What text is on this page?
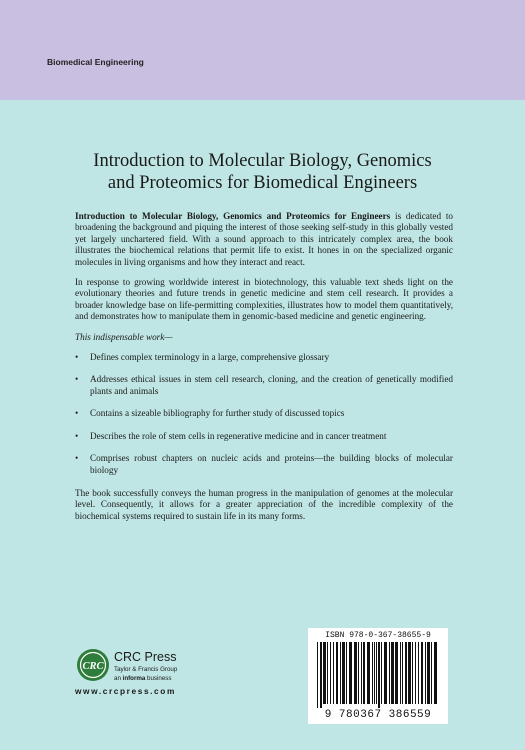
Biomedical Engineering
Introduction to Molecular Biology, Genomics
and Proteomics for Biomedical Engineers

Introduction to Molecular Biology, Genomics and Proteomics for Engineers is dedicated to broadening the background and piquing the interest of those seeking self-study in this globally vested yet largely unchartered field. With a sound approach to this intricately complex area, the book illustrates the biochemical relations that permit life to exist. It hones in on the specialized organic molecules in living organisms and how they interact and react.

In response to growing worldwide interest in biotechnology, this valuable text sheds light on the evolutionary theories and future trends in genetic medicine and stem cell research. It provides a broader knowledge base on life-permitting complexities, illustrates how to model them quantitatively, and demonstrates how to manipulate them in genomic-based medicine and genetic engineering.

This indispensable work—

• Defines complex terminology in a large, comprehensive glossary
• Addresses ethical issues in stem cell research, cloning, and the creation of genetically modified plants and animals
• Contains a sizeable bibliography for further study of discussed topics
• Describes the role of stem cells in regenerative medicine and in cancer treatment
• Comprises robust chapters on nucleic acids and proteins—the building blocks of molecular biology

The book successfully conveys the human progress in the manipulation of genomes at the molecular level. Consequently, it allows for a greater appreciation of the incredible complexity of the biochemical systems required to sustain life in its many forms.

CRC
CRC Press
Taylor & Francis Group
an informa business
www.crcpress.com
ISBN 978-0-367-38655-9
9 780367 386559
